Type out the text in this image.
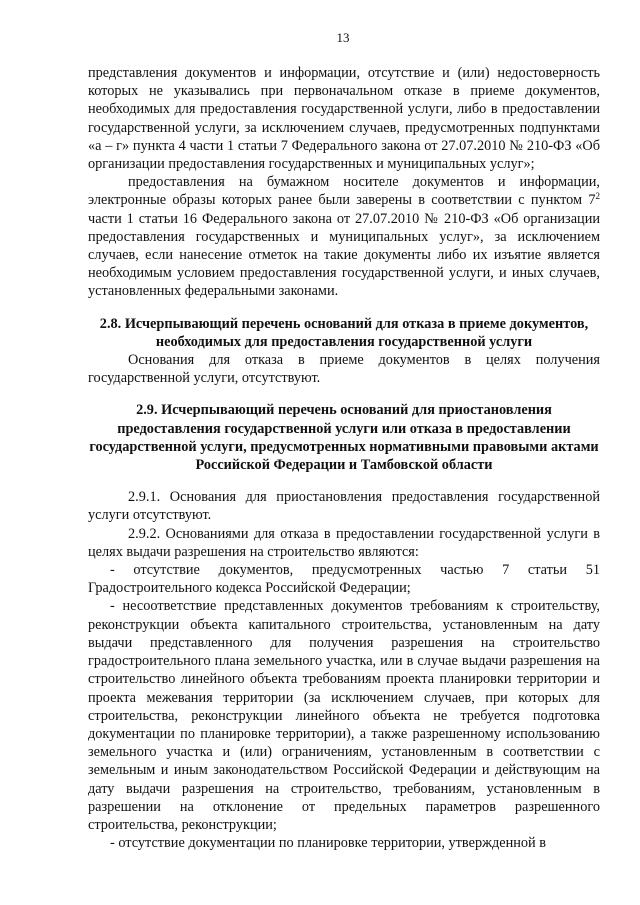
13

представления документов и информации, отсутствие и (или) недостоверность которых не указывались при первоначальном отказе в приеме документов, необходимых для предоставления государственной услуги, либо в предоставлении государственной услуги, за исключением случаев, предусмотренных подпунктами «а – г» пункта 4 части 1 статьи 7 Федерального закона от 27.07.2010 № 210-ФЗ «Об организации предоставления государственных и муниципальных услуг»;

предоставления на бумажном носителе документов и информации, электронные образы которых ранее были заверены в соответствии с пунктом $7^2$ части 1 статьи 16 Федерального закона от 27.07.2010 № 210-ФЗ «Об организации предоставления государственных и муниципальных услуг», за исключением случаев, если нанесение отметок на такие документы либо их изъятие является необходимым условием предоставления государственной услуги, и иных случаев, установленных федеральными законами.

2.8. Исчерпывающий перечень оснований для отказа в приеме документов, необходимых для предоставления государственной услуги

Основания для отказа в приеме документов в целях получения государственной услуги, отсутствуют.

2.9. Исчерпывающий перечень оснований для приостановления предоставления государственной услуги или отказа в предоставлении государственной услуги, предусмотренных нормативными правовыми актами Российской Федерации и Тамбовской области

2.9.1. Основания для приостановления предоставления государственной услуги отсутствуют.

2.9.2. Основаниями для отказа в предоставлении государственной услуги в целях выдачи разрешения на строительство являются:

- отсутствие документов, предусмотренных частью 7 статьи 51 Градостроительного кодекса Российской Федерации;

- несоответствие представленных документов требованиям к строительству, реконструкции объекта капитального строительства, установленным на дату выдачи представленного для получения разрешения на строительство градостроительного плана земельного участка, или в случае выдачи разрешения на строительство линейного объекта требованиям проекта планировки территории и проекта межевания территории (за исключением случаев, при которых для строительства, реконструкции линейного объекта не требуется подготовка документации по планировке территории), а также разрешенному использованию земельного участка и (или) ограничениям, установленным в соответствии с земельным и иным законодательством Российской Федерации и действующим на дату выдачи разрешения на строительство, требованиям, установленным в разрешении на отклонение от предельных параметров разрешенного строительства, реконструкции;

- отсутствие документации по планировке территории, утвержденной в
